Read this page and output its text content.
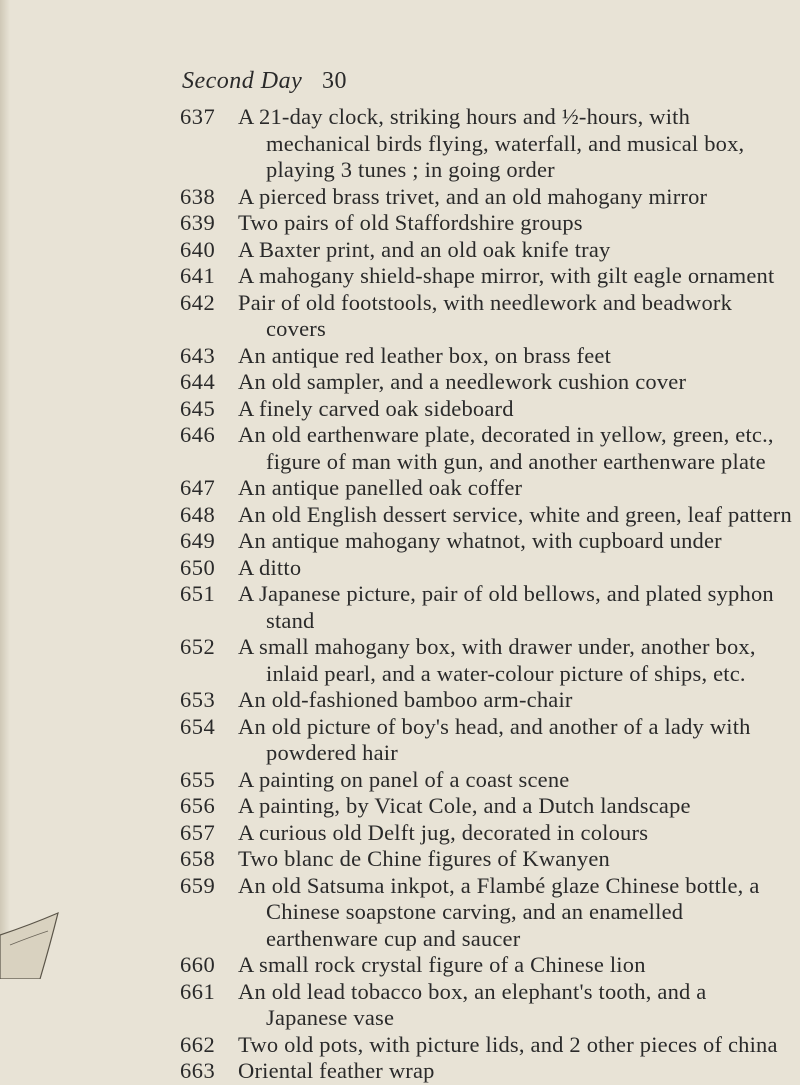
Second Day 30
637 A 21-day clock, striking hours and ½-hours, with mechanical birds flying, waterfall, and musical box, playing 3 tunes ; in going order
638 A pierced brass trivet, and an old mahogany mirror
639 Two pairs of old Staffordshire groups
640 A Baxter print, and an old oak knife tray
641 A mahogany shield-shape mirror, with gilt eagle ornament
642 Pair of old footstools, with needlework and beadwork covers
643 An antique red leather box, on brass feet
644 An old sampler, and a needlework cushion cover
645 A finely carved oak sideboard
646 An old earthenware plate, decorated in yellow, green, etc., figure of man with gun, and another earthenware plate
647 An antique panelled oak coffer
648 An old English dessert service, white and green, leaf pattern
649 An antique mahogany whatnot, with cupboard under
650 A ditto
651 A Japanese picture, pair of old bellows, and plated syphon stand
652 A small mahogany box, with drawer under, another box, inlaid pearl, and a water-colour picture of ships, etc.
653 An old-fashioned bamboo arm-chair
654 An old picture of boy's head, and another of a lady with powdered hair
655 A painting on panel of a coast scene
656 A painting, by Vicat Cole, and a Dutch landscape
657 A curious old Delft jug, decorated in colours
658 Two blanc de Chine figures of Kwanyen
659 An old Satsuma inkpot, a Flambé glaze Chinese bottle, a Chinese soapstone carving, and an enamelled earthenware cup and saucer
660 A small rock crystal figure of a Chinese lion
661 An old lead tobacco box, an elephant's tooth, and a Japanese vase
662 Two old pots, with picture lids, and 2 other pieces of china
663 Oriental feather wrap
